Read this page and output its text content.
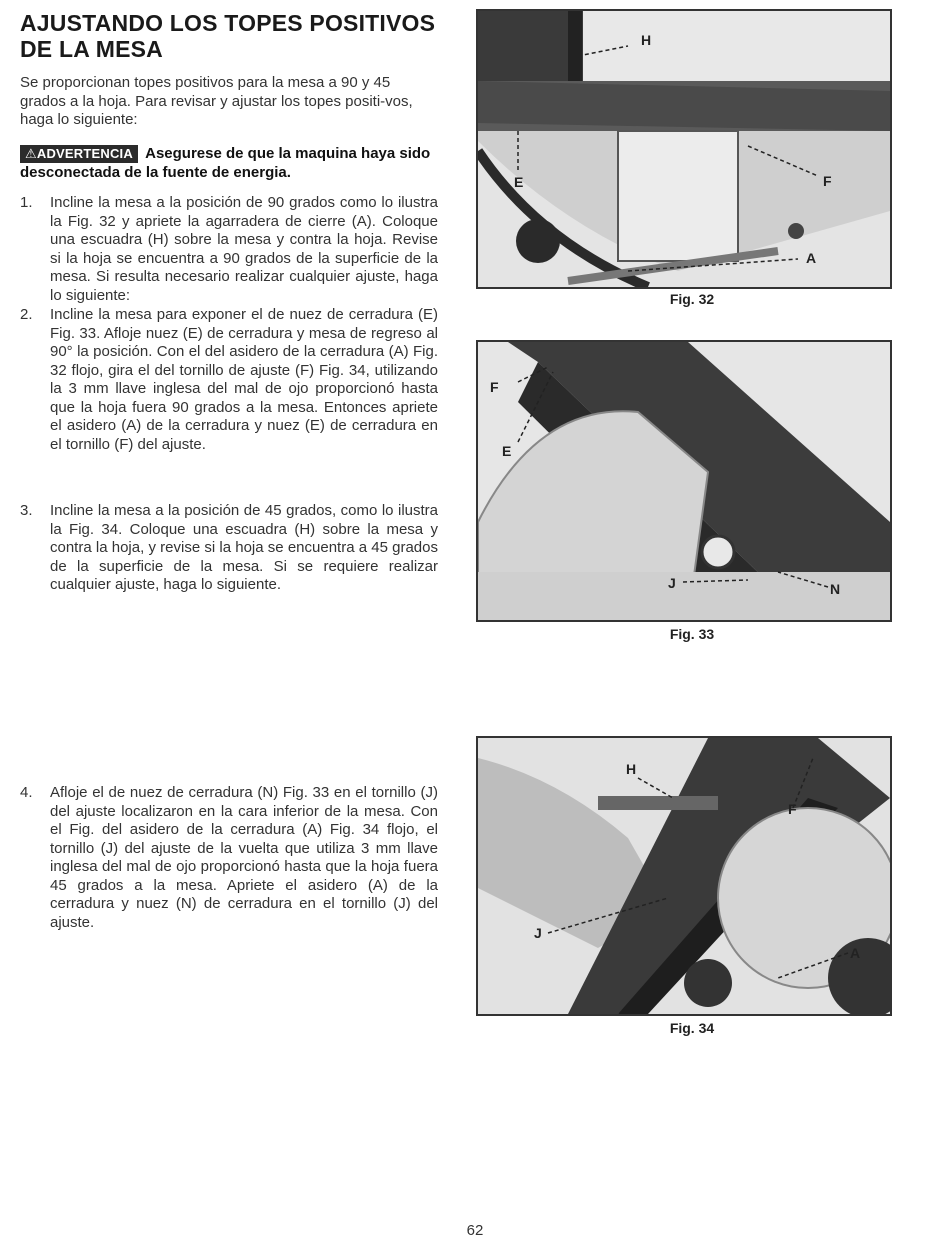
AJUSTANDO LOS TOPES POSITIVOS DE LA MESA

Se proporcionan topes positivos para la mesa a 90 y 45 grados a la hoja. Para revisar y ajustar los topes positi-vos, haga lo siguiente:

⚠ADVERTENCIA Asegurese de que la maquina haya sido desconectada de la fuente de energia.

1.	Incline la mesa a la posición de 90 grados como lo ilustra la Fig. 32 y apriete la agarradera de cierre (A). Coloque una escuadra (H) sobre la mesa y contra la hoja. Revise si la hoja se encuentra a 90 grados de la superficie de la mesa. Si resulta necesario realizar cualquier ajuste, haga lo siguiente:
2.	Incline la mesa para exponer el de nuez de cerradura (E) Fig. 33. Afloje nuez (E) de cerradura y mesa de regreso al 90° la posición. Con el del asidero de la cerradura (A) Fig. 32 flojo, gira el del tornillo de ajuste (F) Fig. 34, utilizando la 3 mm llave inglesa del mal de ojo proporcionó hasta que la hoja fuera 90 grados a la mesa. Entonces apriete el asidero (A) de la cerradura y nuez (E) de cerradura en el tornillo (F) del ajuste.
3.	Incline la mesa a la posición de 45 grados, como lo ilustra la Fig. 34. Coloque una escuadra (H) sobre la mesa y contra la hoja, y revise si la hoja se encuentra a 45 grados de la superficie de la mesa. Si se requiere realizar cualquier ajuste, haga lo siguiente.
4.	Afloje el de nuez de cerradura (N) Fig. 33 en el tornillo (J) del ajuste localizaron en la cara inferior de la mesa. Con el Fig. del asidero de la cerradura (A) Fig. 34 flojo, el tornillo (J) del ajuste de la vuelta que utiliza 3 mm llave inglesa del mal de ojo proporcionó hasta que la hoja fuera 45 grados a la mesa. Apriete el asidero (A) de la cerradura y nuez (N) de cerradura en el tornillo (J) del ajuste.
H
E	F
A
Fig. 32
F
E
J	N
Fig. 33
H
F
J
A
Fig. 34
62
